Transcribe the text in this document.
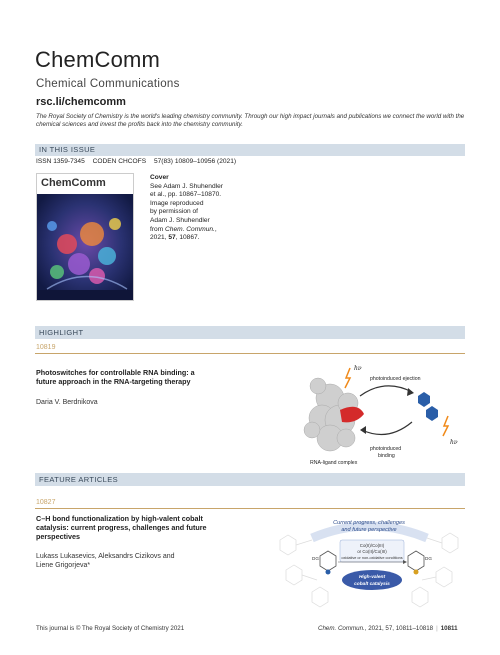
ChemComm
Chemical Communications
rsc.li/chemcomm
The Royal Society of Chemistry is the world's leading chemistry community. Through our high impact journals and publications we connect the world with the chemical sciences and invest the profits back into the chemistry community.
IN THIS ISSUE
ISSN 1359-7345 CODEN CHCOFS 57(83) 10809–10956 (2021)
ChemComm	Cover
See Adam J. Shuhendler
et al., pp. 10867–10870.
Image reproduced
by permission of
Adam J. Shuhendler
from Chem. Commun.,
2021, 57, 10867.
HIGHLIGHT
10819
Photoswitches for controllable RNA binding: a
future approach in the RNA-targeting therapy
Daria V. Berdnikova
hν
photoinduced ejection
photoinduced
binding
hν
RNA-ligand complex
FEATURE ARTICLES
10827
C–H bond functionalization by high-valent cobalt
catalysis: current progress, challenges and future
perspectives
Lukass Lukasevics, Aleksandrs Cizikovs and
Liene Grigorjeva*
Current progress, challenges
and future perspective
Co(II)/Co(III)
or Co(II)/Co(III)
oxidative or non-oxidative conditions
High-valent
cobalt catalysis
DG	DG
This journal is © The Royal Society of Chemistry 2021	Chem. Commun., 2021, 57, 10811–10818 | 10811
